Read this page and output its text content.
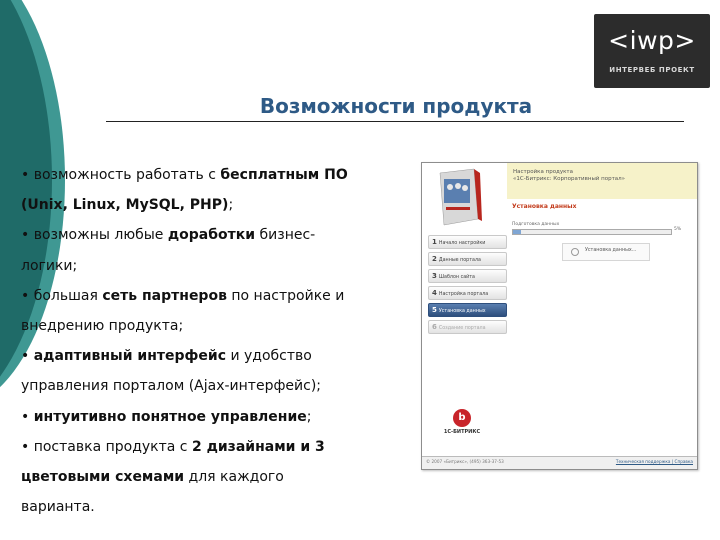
<iwp>
ИНТЕРВЕБ ПРОЕКТ
Возможности продукта

• возможность работать с бесплатным ПО

(Unix, Linux, MySQL, PHP);

• возможны любые доработки бизнес-

логики;

• большая сеть партнеров по настройке и

внедрению продукта;

• адаптивный интерфейс и удобство

управления порталом (Ajax-интерфейс);

• интуитивно понятное управление;

• поставка продукта с 2 дизайнами и 3

цветовыми схемами для каждого

варианта.

Настройка продукта
«1С-Битрикс: Корпоративный портал»
Установка данных
Подготовка данных
5%
Установка данных...
1 Начало настройки
2 Данные портала
3 Шаблон сайта
4 Настройка портала
5 Установка данных
6 Создание портала
b
1С-БИТРИКС
© 2007 «Битрикс», (495) 363-37-53	Техническая поддержка | Справка
